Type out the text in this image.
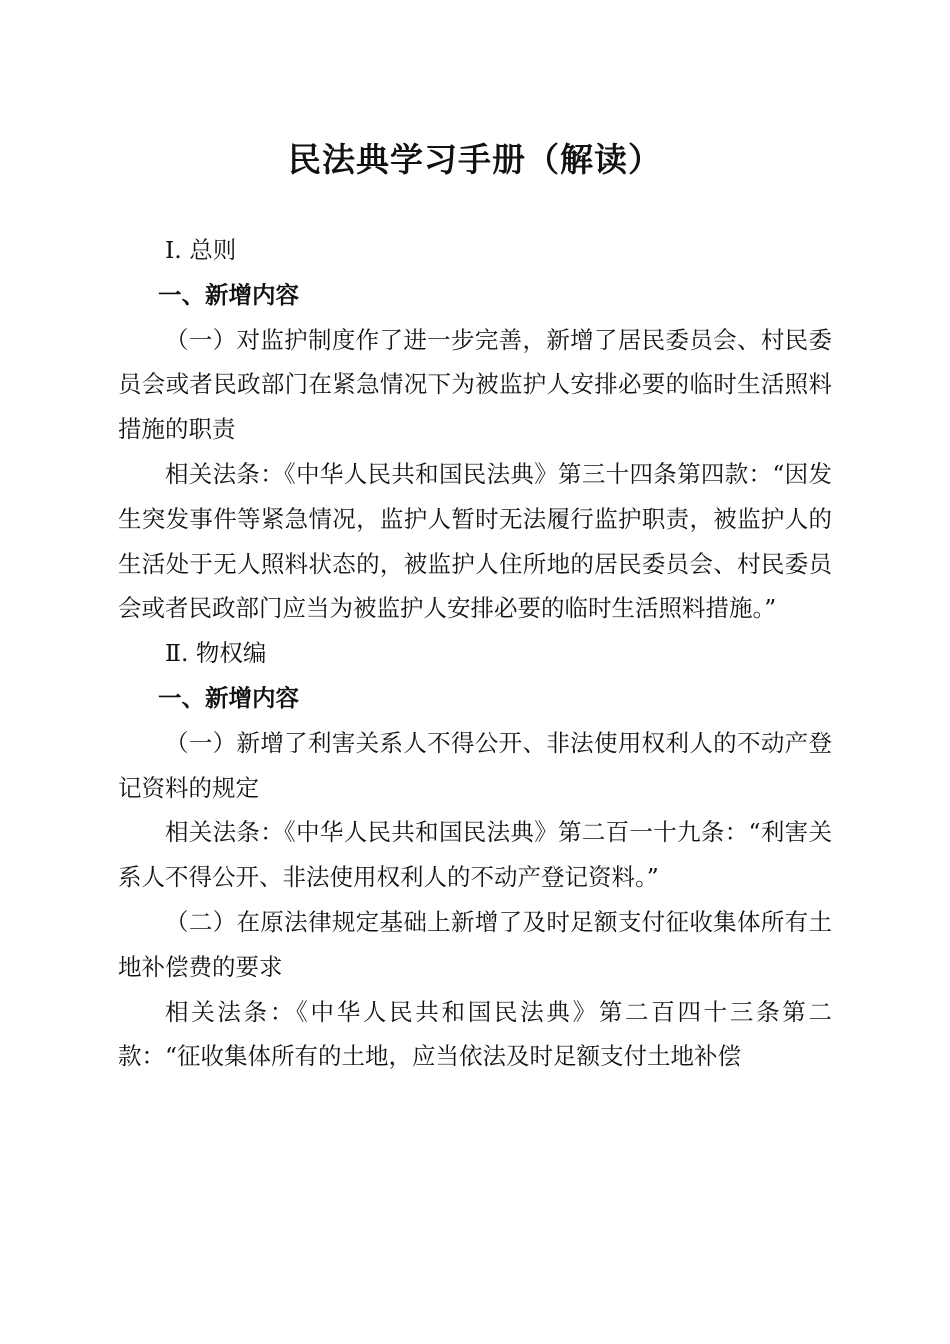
民法典学习手册（解读）

Ⅰ. 总则

一、新增内容

（一）对监护制度作了进一步完善，新增了居民委员会、村民委员会或者民政部门在紧急情况下为被监护人安排必要的临时生活照料措施的职责

相关法条：《中华人民共和国民法典》第三十四条第四款：“因发生突发事件等紧急情况，监护人暂时无法履行监护职责，被监护人的生活处于无人照料状态的，被监护人住所地的居民委员会、村民委员会或者民政部门应当为被监护人安排必要的临时生活照料措施。”

Ⅱ. 物权编

一、新增内容

（一）新增了利害关系人不得公开、非法使用权利人的不动产登记资料的规定

相关法条：《中华人民共和国民法典》第二百一十九条：“利害关系人不得公开、非法使用权利人的不动产登记资料。”

（二）在原法律规定基础上新增了及时足额支付征收集体所有土地补偿费的要求

相关法条：《中华人民共和国民法典》第二百四十三条第二款：“征收集体所有的土地，应当依法及时足额支付土地补偿
